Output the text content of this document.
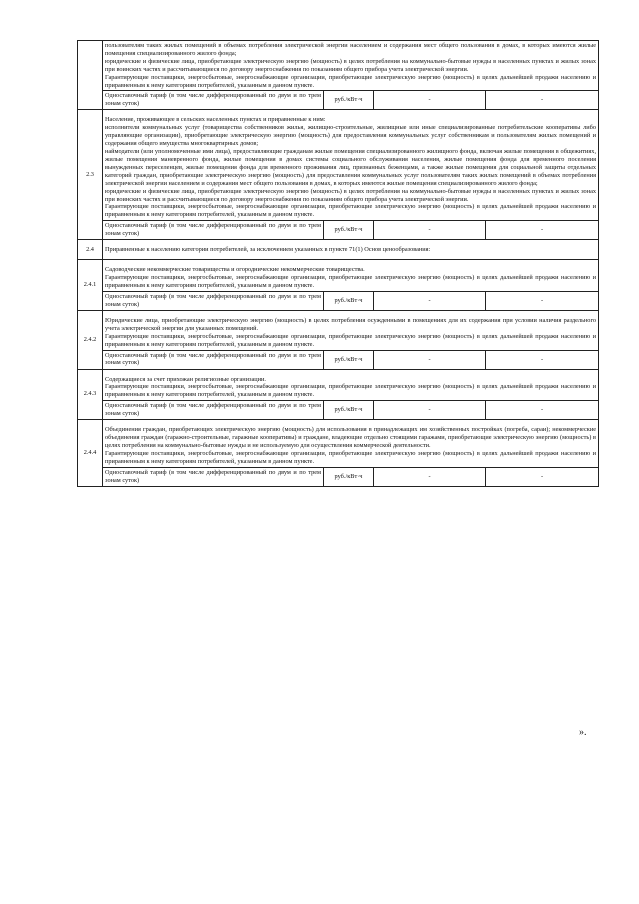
	пользователям таких жилых помещений в объемах потребления электрической энергии населением и содержания мест общего пользования в домах, в которых имеются жилые помещения специализированного жилого фонда;

юридические и физические лица, приобретающие электрическую энергию (мощность) в целях потребления на коммунально-бытовые нужды в населенных пунктах и жилых зонах при воинских частях и рассчитывающиеся по договору энергоснабжения по показаниям общего прибора учета электрической энергии.

Гарантирующие поставщики, энергосбытовые, энергоснабжающие организации, приобретающие электрическую энергию (мощность) в целях дальнейшей продажи населению и приравненным к нему категориям потребителей, указанным в данном пункте.			

	Одноставочный тариф (в том числе дифференцированный по двум и по трем зонам суток)	руб./кВт·ч	-	-
2.3	Население, проживающее в сельских населенных пунктах и приравненные к ним:

исполнители коммунальных услуг (товарищества собственников жилья, жилищно-строительные, жилищные или иные специализированные потребительские кооперативы либо управляющие организации), приобретающие электрическую энергию (мощность) для предоставления коммунальных услуг собственникам и пользователям жилых помещений и содержания общего имущества многоквартирных домов;

наймодатели (или уполномоченные ими лица), предоставляющие гражданам жилые помещения специализированного жилищного фонда, включая жилые помещения в общежитиях, жилые помещения маневренного фонда, жилые помещения в домах системы социального обслуживания населения, жилые помещения фонда для временного поселения вынужденных переселенцев, жилые помещения фонда для временного проживания лиц, признанных беженцами, а также жилые помещения для социальной защиты отдельных категорий граждан, приобретающие электрическую энергию (мощность) для предоставления коммунальных услуг пользователям таких жилых помещений в объемах потребления электрической энергии населением и содержания мест общего пользования в домах, в которых имеются жилые помещения специализированного жилого фонда;

юридические и физические лица, приобретающие электрическую энергию (мощность) в целях потребления на коммунально-бытовые нужды в населенных пунктах и жилых зонах при воинских частях и рассчитывающиеся по договору энергоснабжения по показаниям общего прибора учета электрической энергии.

Гарантирующие поставщики, энергосбытовые, энергоснабжающие организации, приобретающие электрическую энергию (мощность) в целях дальнейшей продажи населению и приравненным к нему категориям потребителей, указанным в данном пункте.			

	Одноставочный тариф (в том числе дифференцированный по двум и по трем зонам суток)	руб./кВт·ч	-	-
2.4	Приравненные к населению категории потребителей, за исключением указанных в пункте 71(1) Основ ценообразования:			
2.4.1	Садоводческие некоммерческие товарищества и огороднические некоммерческие товарищества.

Гарантирующие поставщики, энергосбытовые, энергоснабжающие организации, приобретающие электрическую энергию (мощность) в целях дальнейшей продажи населению и приравненным к нему категориям потребителей, указанным в данном пункте.			

	Одноставочный тариф (в том числе дифференцированный по двум и по трем зонам суток)	руб./кВт·ч	-	-
2.4.2	Юридические лица, приобретающие электрическую энергию (мощность) в целях потребления осужденными в помещениях для их содержания при условии наличия раздельного учета электрической энергии для указанных помещений.

Гарантирующие поставщики, энергосбытовые, энергоснабжающие организации, приобретающие электрическую энергию (мощность) в целях дальнейшей продажи населению и приравненным к нему категориям потребителей, указанным в данном пункте.			

	Одноставочный тариф (в том числе дифференцированный по двум и по трем зонам суток)	руб./кВт·ч	-	-
2.4.3	Содержащиеся за счет прихожан религиозные организации.

Гарантирующие поставщики, энергосбытовые, энергоснабжающие организации, приобретающие электрическую энергию (мощность) в целях дальнейшей продажи населению и приравненным к нему категориям потребителей, указанным в данном пункте.			

	Одноставочный тариф (в том числе дифференцированный по двум и по трем зонам суток)	руб./кВт·ч	-	-
2.4.4	Объединения граждан, приобретающих электрическую энергию (мощность) для использования в принадлежащих им хозяйственных постройках (погреба, сараи); некоммерческие объединения граждан (гаражно-строительные, гаражные кооперативы) и граждане, владеющие отдельно стоящими гаражами, приобретающие электрическую энергию (мощность) в целях потребления на коммунально-бытовые нужды и не используемую для осуществления коммерческой деятельности.

Гарантирующие поставщики, энергосбытовые, энергоснабжающие организации, приобретающие электрическую энергию (мощность) в целях дальнейшей продажи населению и приравненным к нему категориям потребителей, указанным в данном пункте.			

	Одноставочный тариф (в том числе дифференцированный по двум и по трем зонам суток)	руб./кВт·ч	-	-
».
